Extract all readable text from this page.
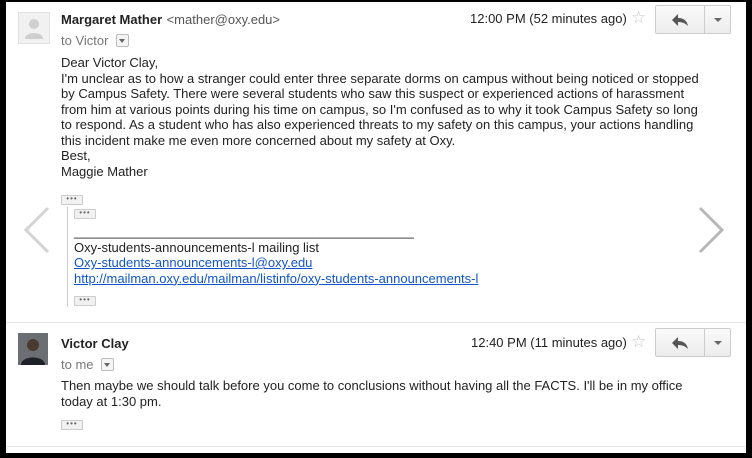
Margaret Mather <mather@oxy.edu>
to Victor
12:00 PM (52 minutes ago) ☆
Dear Victor Clay,
I'm unclear as to how a stranger could enter three separate dorms on campus without being noticed or stopped
by Campus Safety. There were several students who saw this suspect or experienced actions of harassment
from him at various points during his time on campus, so I'm confused as to why it took Campus Safety so long
to respond. As a student who has also experienced threats to my safety on this campus, your actions handling
this incident make me even more concerned about my safety at Oxy.
Best,
Maggie Mather
•••
•••
_______________________________________________
Oxy-students-announcements-l mailing list
Oxy-students-announcements-l@oxy.edu
http://mailman.oxy.edu/mailman/listinfo/oxy-students-announcements-l
•••
Victor Clay
to me
12:40 PM (11 minutes ago) ☆
Then maybe we should talk before you come to conclusions without having all the FACTS. I'll be in my office
today at 1:30 pm.
•••
